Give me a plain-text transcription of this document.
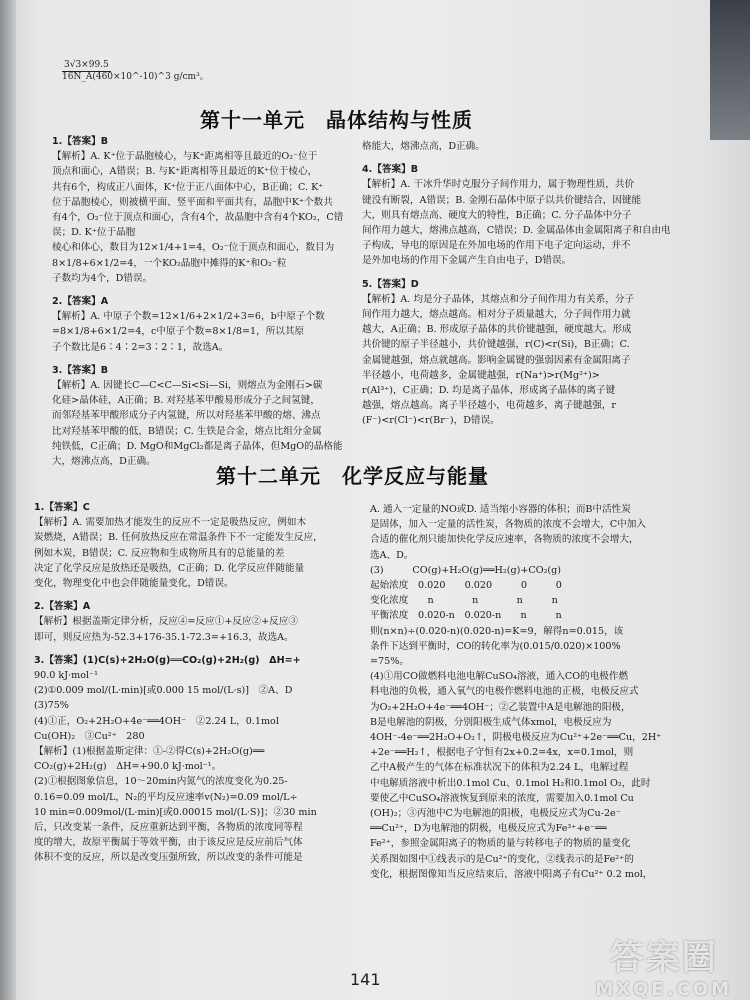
3√3×99.5
16N_A(460×10^-10)^3 g/cm³。
第十一单元　晶体结构与性质

1.【答案】B

【解析】A. K⁺位于晶胞棱心，与K⁺距离相等且最近的O₂⁻位于

顶点和面心，A错误；B. 与K⁺距离相等且最近的K⁺位于棱心，

共有6个，构成正八面体，K⁺位于正八面体中心，B正确；C. K⁺

位于晶胞棱心，则被横平面、竖平面和平面共有，晶胞中K⁺个数共

有4个，O₂⁻位于顶点和面心，含有4个，故晶胞中含有4个KO₂，C错误；D. K⁺位于晶胞

棱心和体心，数目为12×1/4+1=4，O₂⁻位于顶点和面心，数目为

8×1/8+6×1/2=4，一个KO₂晶胞中摊得的K⁺和O₂⁻粒

子数均为4个，D错误。

2.【答案】A

【解析】A. 中原子个数=12×1/6+2×1/2+3=6，b中原子个数

=8×1/8+6×1/2=4，c中原子个数=8×1/8=1，所以其原

子个数比是6∶4∶2=3∶2∶1，故选A。

3.【答案】B

【解析】A. 因键长C—C<C—Si<Si—Si，则熔点为金刚石>碳

化硅>晶体硅，A正确；B. 对羟基苯甲酸易形成分子之间氢键，

而邻羟基苯甲酸形成分子内氢键，所以对羟基苯甲酸的熔、沸点

比对羟基苯甲酸的低，B错误；C. 生铁是合金，熔点比组分金属

纯铁低，C正确；D. MgO和MgCl₂都是离子晶体，但MgO的晶格能大，熔沸点高，D正确。

格能大，熔沸点高，D正确。

4.【答案】B

【解析】A. 干冰升华时克服分子间作用力，属于物理性质，共价

键没有断裂，A错误；B. 金刚石晶体中原子以共价键结合，因键能

大，则具有熔点高、硬度大的特性，B正确；C. 分子晶体中分子

间作用力越大，熔沸点越高，C错误；D. 金属晶体由金属阳离子和自由电

子构成，导电的原因是在外加电场的作用下电子定向运动，并不

是外加电场的作用下金属产生自由电子，D错误。

5.【答案】D

【解析】A. 均是分子晶体，其熔点和分子间作用力有关系，分子

间作用力越大，熔点越高。相对分子质量越大，分子间作用力就

越大，A正确；B. 形成原子晶体的共价键越强，硬度越大。形成

共价键的原子半径越小，共价键越强，r(C)<r(Si)，B正确；C.

金属键越强，熔点就越高。影响金属键的强弱因素有金属阳离子

半径越小，电荷越多，金属键越强，r(Na⁺)>r(Mg²⁺)>

r(Al³⁺)，C正确；D. 均是离子晶体，形成离子晶体的离子键

越强，熔点越高。离子半径越小，电荷越多，离子键越强，r

(F⁻)<r(Cl⁻)<r(Br⁻)，D错误。

第十二单元　化学反应与能量

1.【答案】C

【解析】A. 需要加热才能发生的反应不一定是吸热反应，例如木

炭燃烧，A错误；B. 任何放热反应在常温条件下不一定能发生反应，

例如木炭，B错误；C. 反应物和生成物所具有的总能量的差

决定了化学反应是放热还是吸热，C正确；D. 化学反应伴随能量

变化，物理变化中也会伴随能量变化，D错误。

2.【答案】A

【解析】根据盖斯定律分析，反应④=反应①+反应②+反应③

即可，则反应热为-52.3+176-35.1-72.3=+16.3，故选A。

3.【答案】(1)C(s)+2H₂O(g)══CO₂(g)+2H₂(g)　ΔH=+

90.0 kJ·mol⁻¹

(2)①0.009 mol/(L·min)[或0.000 15 mol/(L·s)]　②A、D

(3)75%

(4)①正，O₂+2H₂O+4e⁻══4OH⁻　②2.24 L，0.1mol

Cu(OH)₂　③Cu²⁺　280

【解析】(1)根据盖斯定律：①-②得C(s)+2H₂O(g)══

CO₂(g)+2H₂(g)　ΔH=+90.0 kJ·mol⁻¹。

(2)①根据图象信息，10～20min内氮气的浓度变化为0.25-

0.16=0.09 mol/L，N₂的平均反应速率v(N₂)=0.09 mol/L÷

10 min=0.009mol/(L·min)[或0.00015 mol/(L·S)]；②30 min

后，只改变某一条件，反应重新达到平衡，各物质的浓度同等程

度的增大，故原平衡属于等效平衡，由于该反应是反应前后气体

体积不变的反应，所以是改变压强所致，所以改变的条件可能是

A. 通入一定量的NO或D. 适当缩小容器的体积；而B中活性炭

是固体，加入一定量的活性炭，各物质的浓度不会增大，C中加入

合适的催化剂只能加快化学反应速率，各物质的浓度不会增大，

选A、D。

(3)　　　CO(g)+H₂O(g)══H₂(g)+CO₂(g)

起始浓度　0.020　　0.020　　　0　　　0

变化浓度　　n　　　　n　　　　n　　　n

平衡浓度　0.020-n　0.020-n　　n　　　n

则(n×n)÷(0.020-n)(0.020-n)=K=9，解得n=0.015，该

条件下达到平衡时，CO的转化率为(0.015/0.020)×100%

=75%。

(4)①用CO做燃料电池电解CuSO₄溶液，通入CO的电极作燃

料电池的负极，通入氧气的电极作燃料电池的正极，电极反应式

为O₂+2H₂O+4e⁻══4OH⁻；②乙装置中A是电解池的阳极，

B是电解池的阴极，分别阳极生成气体xmol，电极反应为

4OH⁻-4e⁻══2H₂O+O₂↑，阴极电极反应为Cu²⁺+2e⁻══Cu，2H⁺

+2e⁻══H₂↑，根据电子守恒有2x+0.2=4x，x=0.1mol，则

乙中A极产生的气体在标准状况下的体积为2.24 L，电解过程

中电解质溶液中析出0.1mol Cu、0.1mol H₂和0.1mol O₂，此时

要使乙中CuSO₄溶液恢复到原来的浓度，需要加入0.1mol Cu

(OH)₂；③丙池中C为电解池的阳极，电极反应式为Cu-2e⁻

══Cu²⁺，D为电解池的阴极，电极反应式为Fe³⁺+e⁻══

Fe²⁺，参照金属阳离子的物质的量与转移电子的物质的量变化

关系图如图中①线表示的是Cu²⁺的变化，②线表示的是Fe²⁺的

变化，根据图像知当反应结束后，溶液中阳离子有Cu²⁺ 0.2 mol，

141
答案圈
MXQE.COM
